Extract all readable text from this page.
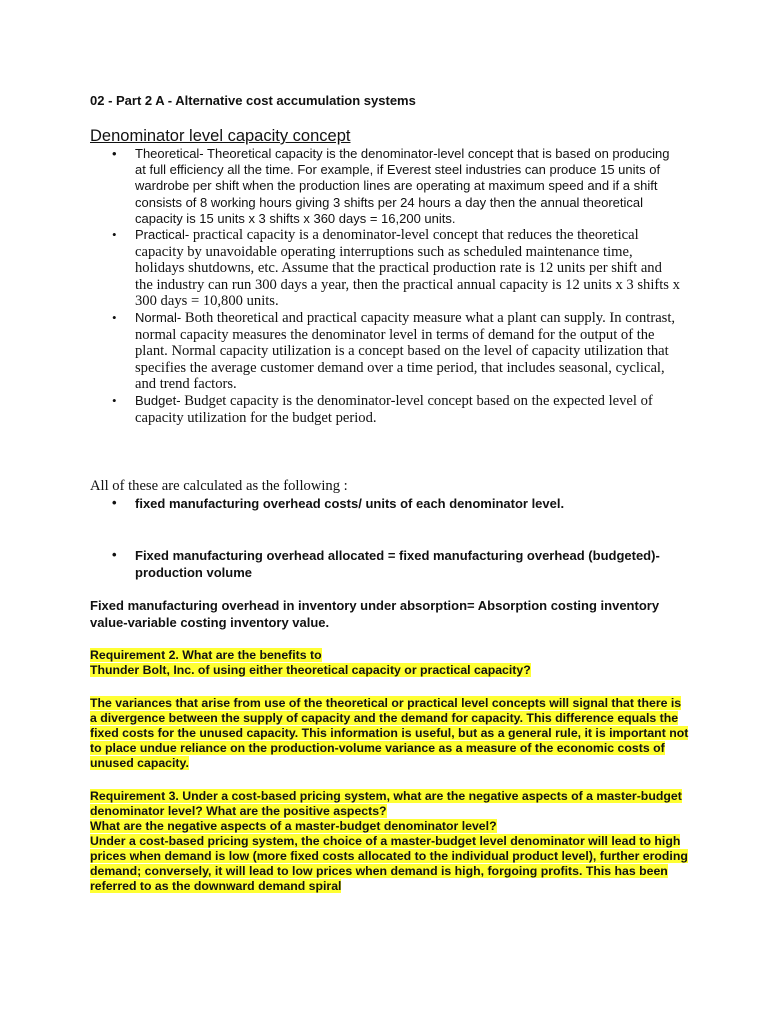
02 - Part 2 A - Alternative cost accumulation systems
Denominator level capacity concept
• Theoretical- Theoretical capacity is the denominator-level concept that is based on producing at full efficiency all the time. For example, if Everest steel industries can produce 15 units of wardrobe per shift when the production lines are operating at maximum speed and if a shift consists of 8 working hours giving 3 shifts per 24 hours a day then the annual theoretical capacity is 15 units x 3 shifts x 360 days = 16,200 units.
• Practical- practical capacity is a denominator-level concept that reduces the theoretical capacity by unavoidable operating interruptions such as scheduled maintenance time, holidays shutdowns, etc. Assume that the practical production rate is 12 units per shift and the industry can run 300 days a year, then the practical annual capacity is 12 units x 3 shifts x 300 days = 10,800 units.
• Normal- Both theoretical and practical capacity measure what a plant can supply. In contrast, normal capacity measures the denominator level in terms of demand for the output of the plant. Normal capacity utilization is a concept based on the level of capacity utilization that specifies the average customer demand over a time period, that includes seasonal, cyclical, and trend factors.
• Budget- Budget capacity is the denominator-level concept based on the expected level of capacity utilization for the budget period.
All of these are calculated as the following :
• fixed manufacturing overhead costs/ units of each denominator level.
• Fixed manufacturing overhead allocated = fixed manufacturing overhead (budgeted)-production volume
Fixed manufacturing overhead in inventory under absorption= Absorption costing inventory value-variable costing inventory value.
Requirement 2. What are the benefits to
Thunder Bolt, Inc. of using either theoretical capacity or practical capacity?
The variances that arise from use of the theoretical or practical level concepts will signal that there is a divergence between the supply of capacity and the demand for capacity. This difference equals the fixed costs for the unused capacity. This information is useful, but as a general rule, it is important not to place undue reliance on the production-volume variance as a measure of the economic costs of unused capacity.
Requirement 3. Under a cost-based pricing system, what are the negative aspects of a master-budget denominator level? What are the positive aspects?
What are the negative aspects of a master-budget denominator level?
Under a cost-based pricing system, the choice of a master-budget level denominator will lead to high prices when demand is low (more fixed costs allocated to the individual product level), further eroding demand; conversely, it will lead to low prices when demand is high, forgoing profits. This has been referred to as the downward demand spiral
